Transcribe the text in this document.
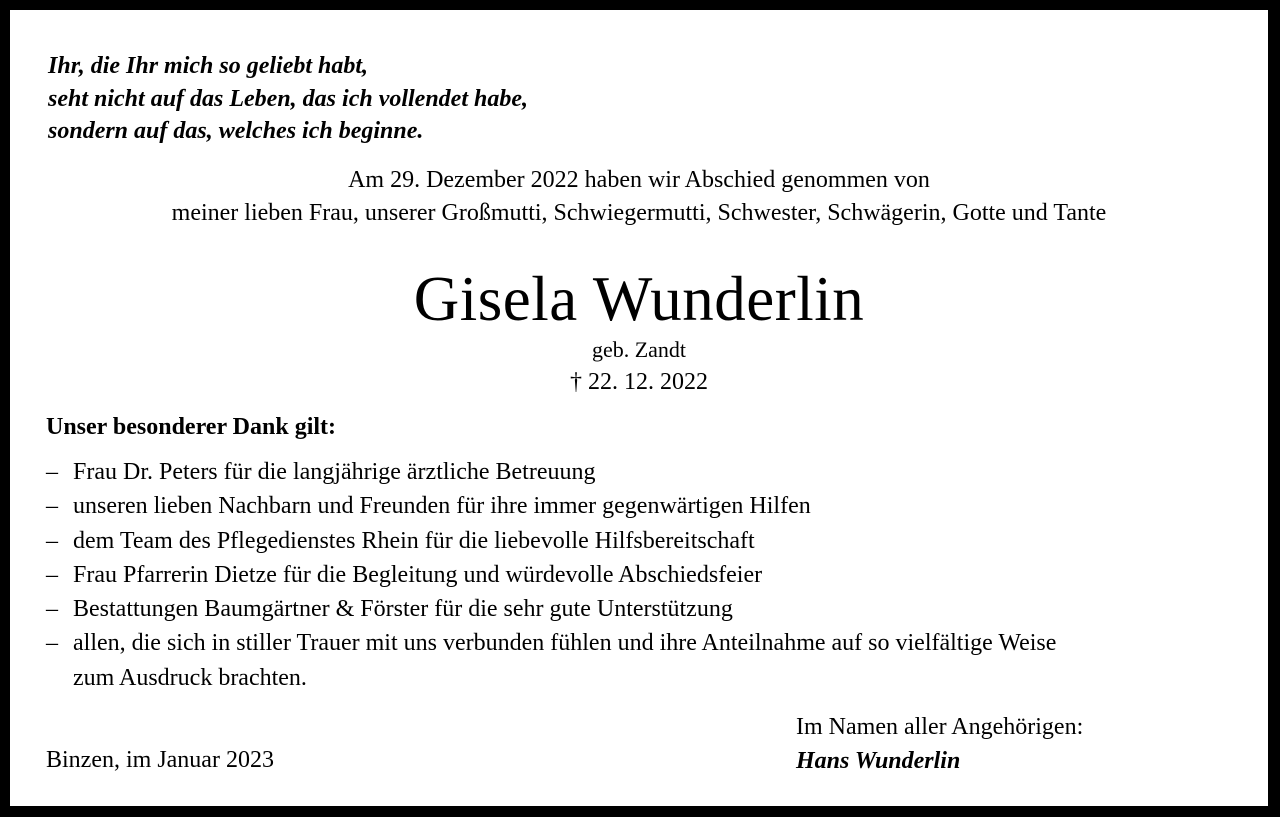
Ihr, die Ihr mich so geliebt habt,
seht nicht auf das Leben, das ich vollendet habe,
sondern auf das, welches ich beginne.
Am 29. Dezember 2022 haben wir Abschied genommen von
meiner lieben Frau, unserer Großmutti, Schwiegermutti, Schwester, Schwägerin, Gotte und Tante
Gisela Wunderlin
geb. Zandt
† 22. 12. 2022
Unser besonderer Dank gilt:
– Frau Dr. Peters für die langjährige ärztliche Betreuung
– unseren lieben Nachbarn und Freunden für ihre immer gegenwärtigen Hilfen
– dem Team des Pflegedienstes Rhein für die liebevolle Hilfsbereitschaft
– Frau Pfarrerin Dietze für die Begleitung und würdevolle Abschiedsfeier
– Bestattungen Baumgärtner & Förster für die sehr gute Unterstützung
– allen, die sich in stiller Trauer mit uns verbunden fühlen und ihre Anteilnahme auf so vielfältige Weise
zum Ausdruck brachten.
Binzen, im Januar 2023
Im Namen aller Angehörigen:
Hans Wunderlin
